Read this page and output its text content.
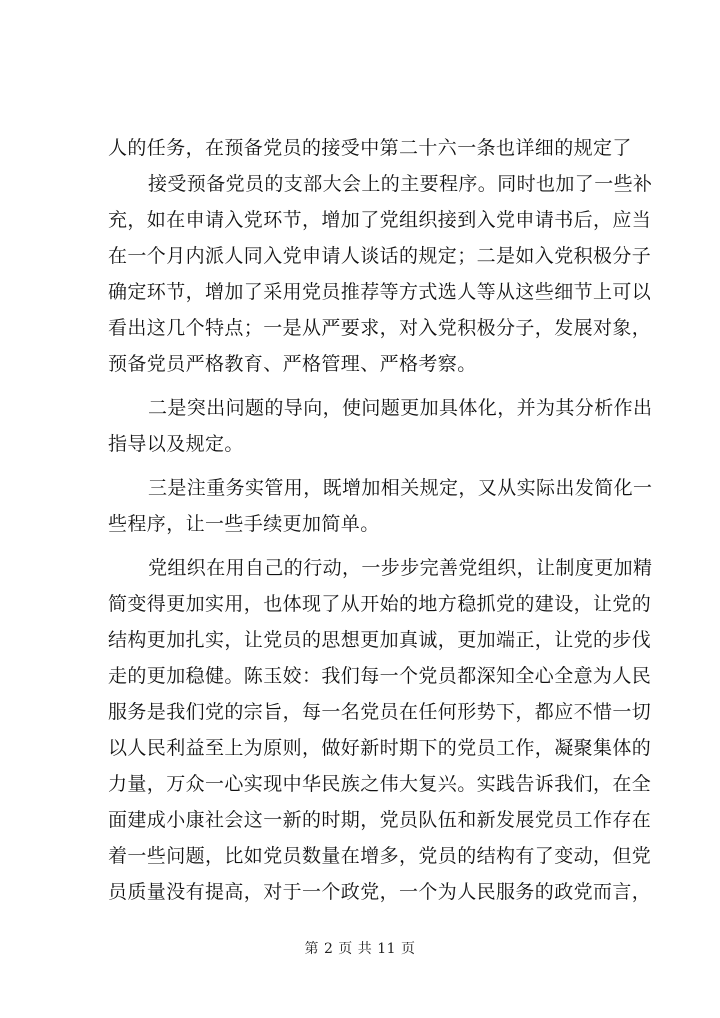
人的任务，在预备党员的接受中第二十六一条也详细的规定了
接受预备党员的支部大会上的主要程序。同时也加了一些补
充，如在申请入党环节，增加了党组织接到入党申请书后，应当
在一个月内派人同入党申请人谈话的规定；二是如入党积极分子
确定环节，增加了采用党员推荐等方式选人等从这些细节上可以
看出这几个特点；一是从严要求，对入党积极分子，发展对象，
预备党员严格教育、严格管理、严格考察。
二是突出问题的导向，使问题更加具体化，并为其分析作出
指导以及规定。
三是注重务实管用，既增加相关规定，又从实际出发简化一
些程序，让一些手续更加简单。
党组织在用自己的行动，一步步完善党组织，让制度更加精
简变得更加实用，也体现了从开始的地方稳抓党的建设，让党的
结构更加扎实，让党员的思想更加真诚，更加端正，让党的步伐
走的更加稳健。陈玉姣：我们每一个党员都深知全心全意为人民
服务是我们党的宗旨，每一名党员在任何形势下，都应不惜一切
以人民利益至上为原则，做好新时期下的党员工作，凝聚集体的
力量，万众一心实现中华民族之伟大复兴。实践告诉我们，在全
面建成小康社会这一新的时期，党员队伍和新发展党员工作存在
着一些问题，比如党员数量在增多，党员的结构有了变动，但党
员质量没有提高，对于一个政党，一个为人民服务的政党而言，
第 2 页 共 11 页
